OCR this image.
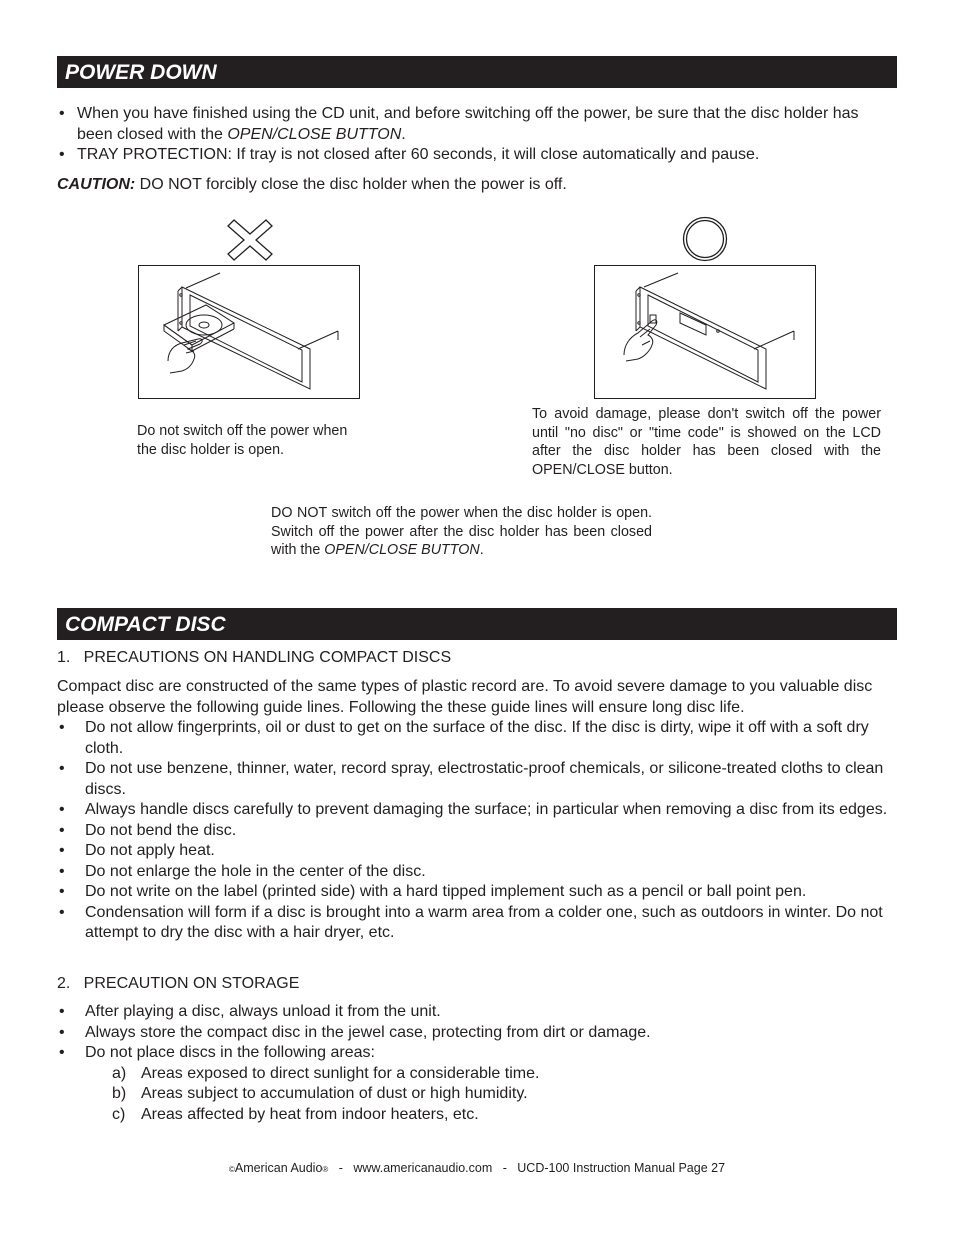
POWER DOWN
• When you have finished using the CD unit, and before switching off the power, be sure that the disc holder has been closed with the OPEN/CLOSE BUTTON.
• TRAY PROTECTION: If tray is not closed after 60 seconds, it will close automatically and pause.
CAUTION: DO NOT forcibly close the disc holder when the power is off.
Do not switch off the power when the disc holder is open.
To avoid damage, please don't switch off the power until "no disc" or "time code" is showed on the LCD after the disc holder has been closed with the OPEN/CLOSE button.
DO NOT switch off the power when the disc holder is open. Switch off the power after the disc holder has been closed with the OPEN/CLOSE BUTTON.
COMPACT DISC
1.   PRECAUTIONS ON HANDLING COMPACT DISCS
Compact disc are constructed of the same types of plastic record are. To avoid severe damage to you valuable disc please observe the following guide lines. Following the these guide lines will ensure long disc life.
• Do not allow fingerprints, oil or dust to get on the surface of the disc. If the disc is dirty, wipe it off with a soft dry cloth.
• Do not use benzene, thinner, water, record spray, electrostatic-proof chemicals, or silicone-treated cloths to clean discs.
• Always handle discs carefully to prevent damaging the surface; in particular when removing a disc from its edges.
• Do not bend the disc.
• Do not apply heat.
• Do not enlarge the hole in the center of the disc.
• Do not write on the label (printed side) with a hard tipped implement such as a pencil or ball point pen.
• Condensation will form if a disc is brought into a warm area from a colder one, such as outdoors in winter. Do not attempt to dry the disc with a hair dryer, etc.
2.   PRECAUTION ON STORAGE
• After playing a disc, always unload it from the unit.
• Always store the compact disc in the jewel case, protecting from dirt or damage.
• Do not place discs in the following areas:
a) Areas exposed to direct sunlight for a considerable time.
b) Areas subject to accumulation of dust or high humidity.
c) Areas affected by heat from indoor heaters, etc.
©American Audio®   -   www.americanaudio.com   -   UCD-100 Instruction Manual Page 27
